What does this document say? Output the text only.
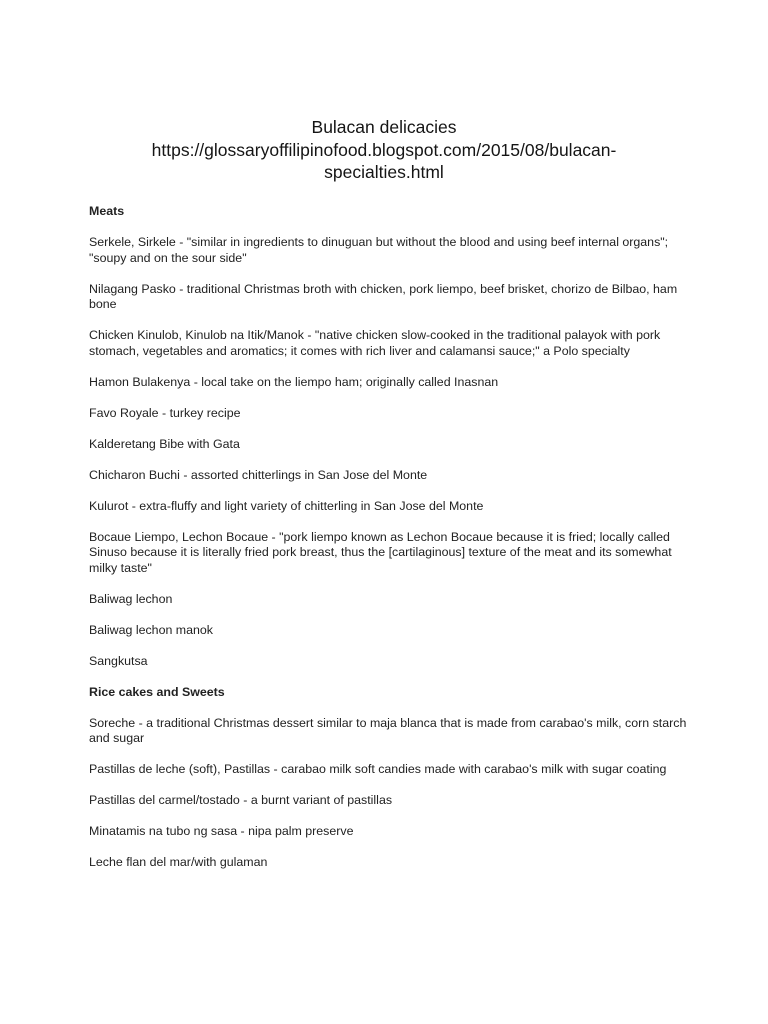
Bulacan delicacies
https://glossaryoffilipinofood.blogspot.com/2015/08/bulacan-
specialties.html
Meats
Serkele, Sirkele - "similar in ingredients to dinuguan but without the blood and using beef internal organs"; "soupy and on the sour side"
Nilagang Pasko - traditional Christmas broth with chicken, pork liempo, beef brisket, chorizo de Bilbao, ham bone
Chicken Kinulob, Kinulob na Itik/Manok - "native chicken slow-cooked in the traditional palayok with pork stomach, vegetables and aromatics; it comes with rich liver and calamansi sauce;" a Polo specialty
Hamon Bulakenya - local take on the liempo ham; originally called Inasnan
Favo Royale - turkey recipe
Kalderetang Bibe with Gata
Chicharon Buchi - assorted chitterlings in San Jose del Monte
Kulurot - extra-fluffy and light variety of chitterling in San Jose del Monte
Bocaue Liempo, Lechon Bocaue - "pork liempo known as Lechon Bocaue because it is fried; locally called Sinuso because it is literally fried pork breast, thus the [cartilaginous] texture of the meat and its somewhat milky taste"
Baliwag lechon
Baliwag lechon manok
Sangkutsa
Rice cakes and Sweets
Soreche - a traditional Christmas dessert similar to maja blanca that is made from carabao's milk, corn starch and sugar
Pastillas de leche (soft), Pastillas - carabao milk soft candies made with carabao's milk with sugar coating
Pastillas del carmel/tostado - a burnt variant of pastillas
Minatamis na tubo ng sasa - nipa palm preserve
Leche flan del mar/with gulaman
